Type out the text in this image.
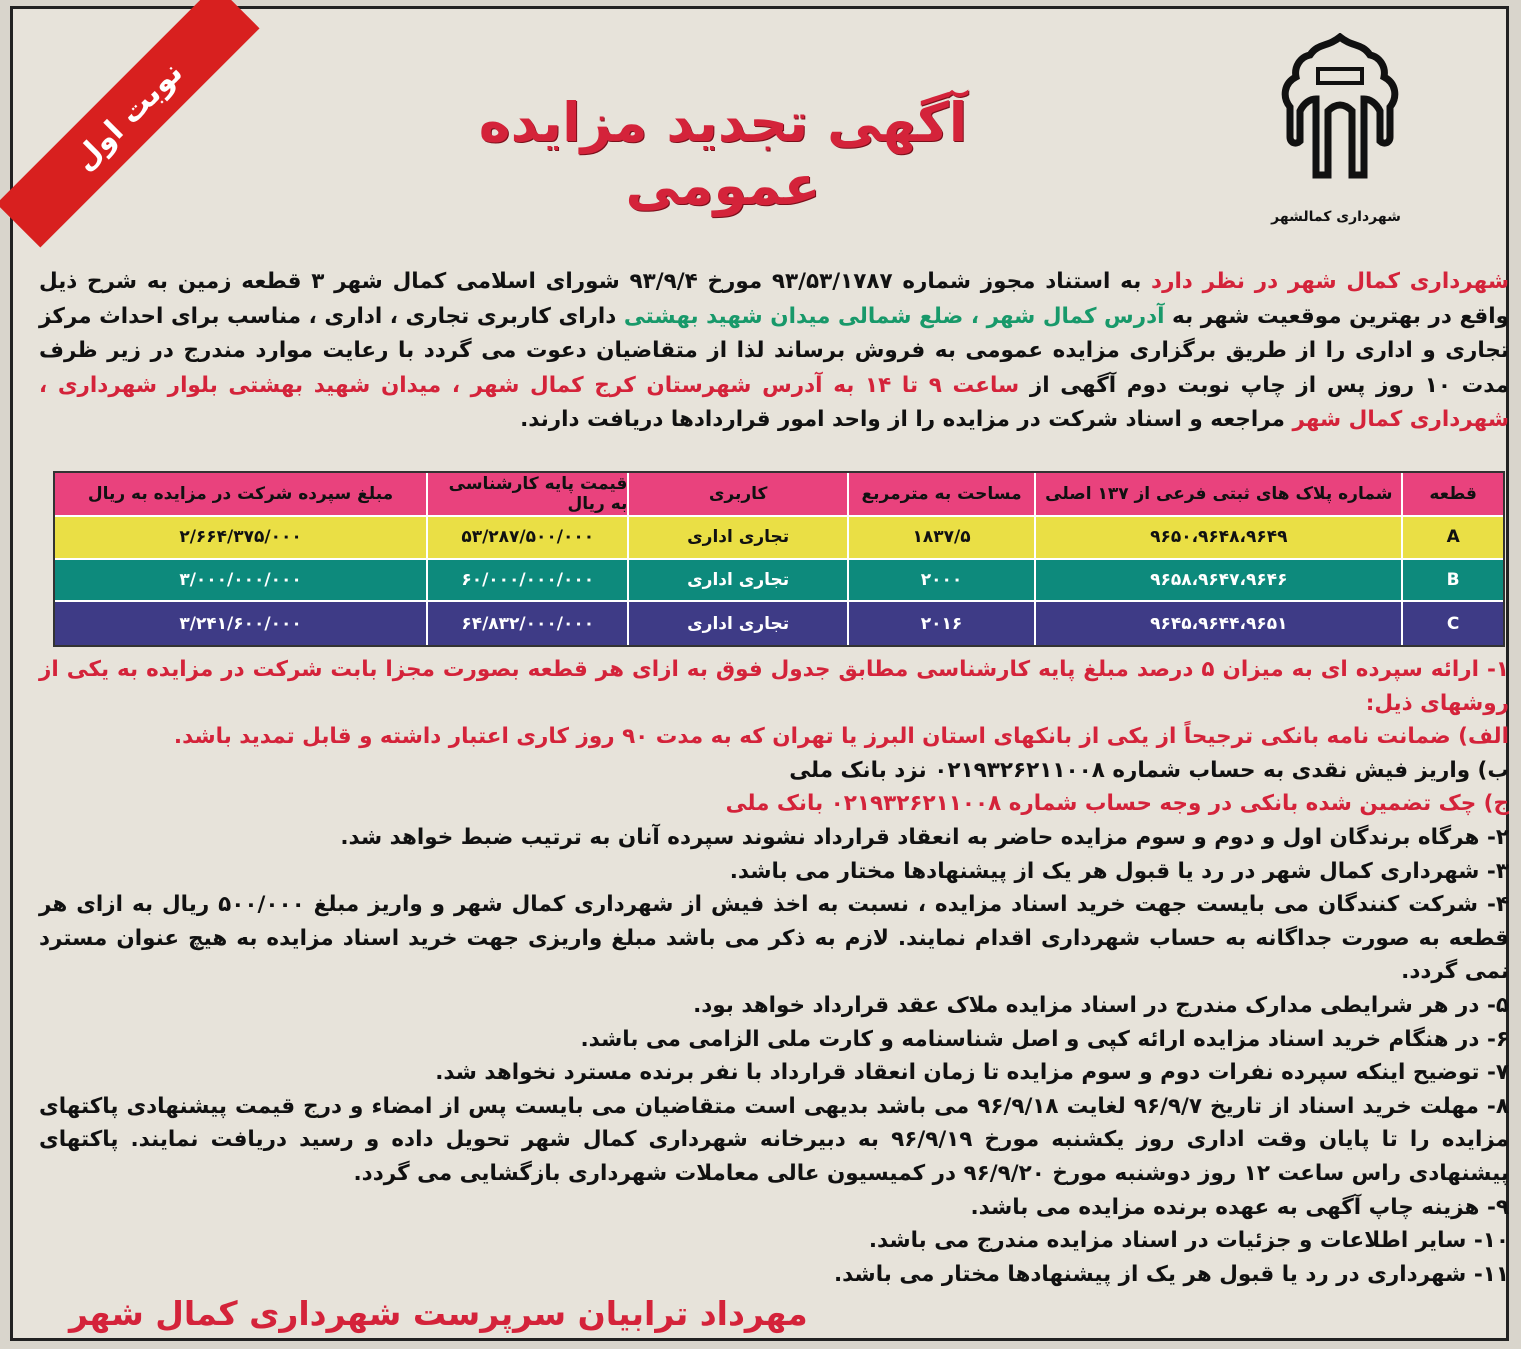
نوبت اول	آگهی تجدید مزایده عمومی	شهرداری کمالشهر
شهرداری کمال شهر در نظر دارد به استناد مجوز شماره ۹۳/۵۳/۱۷۸۷ مورخ ۹۳/۹/۴ شورای اسلامی کمال شهر ۳ قطعه زمین به شرح ذیل واقع در بهترین موقعیت شهر به آدرس کمال شهر ، ضلع شمالی میدان شهید بهشتی دارای کاربری تجاری ، اداری ، مناسب برای احداث مرکز تجاری و اداری را از طریق برگزاری مزایده عمومی به فروش برساند لذا از متقاضیان دعوت می گردد با رعایت موارد مندرج در زیر ظرف مدت ۱۰ روز پس از چاپ نوبت دوم آگهی از ساعت ۹ تا ۱۴ به آدرس شهرستان کرج کمال شهر ، میدان شهید بهشتی بلوار شهرداری ، شهرداری کمال شهر مراجعه و اسناد شرکت در مزایده را از واحد امور قراردادها دریافت دارند.
قطعه
شماره پلاک های ثبتی فرعی از ۱۳۷ اصلی
مساحت به مترمربع
کاربری
قیمت پایه کارشناسی به ریال
مبلغ سپرده شرکت در مزایده به ریال
A
۹۶۵۰،۹۶۴۸،۹۶۴۹
۱۸۳۷/۵
تجاری اداری
۵۳/۲۸۷/۵۰۰/۰۰۰
۲/۶۶۴/۳۷۵/۰۰۰
B
۹۶۵۸،۹۶۴۷،۹۶۴۶
۲۰۰۰
تجاری اداری
۶۰/۰۰۰/۰۰۰/۰۰۰
۳/۰۰۰/۰۰۰/۰۰۰
C
۹۶۴۵،۹۶۴۴،۹۶۵۱
۲۰۱۶
تجاری اداری
۶۴/۸۳۲/۰۰۰/۰۰۰
۳/۲۴۱/۶۰۰/۰۰۰

۱- ارائه سپرده ای به میزان ۵ درصد مبلغ پایه کارشناسی مطابق جدول فوق به ازای هر قطعه بصورت مجزا بابت شرکت در مزایده به یکی از روشهای ذیل:

الف) ضمانت نامه بانکی ترجیحاً از یکی از بانکهای استان البرز یا تهران که به مدت ۹۰ روز کاری اعتبار داشته و قابل تمدید باشد.

ب) واریز فیش نقدی به حساب شماره ۰۲۱۹۳۲۶۲۱۱۰۰۸ نزد بانک ملی

ج) چک تضمین شده بانکی در وجه حساب شماره ۰۲۱۹۳۲۶۲۱۱۰۰۸ بانک ملی

۲- هرگاه برندگان اول و دوم و سوم مزایده حاضر به انعقاد قرارداد نشوند سپرده آنان به ترتیب ضبط خواهد شد.

۳- شهرداری کمال شهر در رد یا قبول هر یک از پیشنهادها مختار می باشد.

۴- شرکت کنندگان می بایست جهت خرید اسناد مزایده ، نسبت به اخذ فیش از شهرداری کمال شهر و واریز مبلغ ۵۰۰/۰۰۰ ریال به ازای هر قطعه به صورت جداگانه به حساب شهرداری اقدام نمایند. لازم به ذکر می باشد مبلغ واریزی جهت خرید اسناد مزایده به هیچ عنوان مسترد نمی گردد.

۵- در هر شرایطی مدارک مندرج در اسناد مزایده ملاک عقد قرارداد خواهد بود.

۶- در هنگام خرید اسناد مزایده ارائه کپی و اصل شناسنامه و کارت ملی الزامی می باشد.

۷- توضیح اینکه سپرده نفرات دوم و سوم مزایده تا زمان انعقاد قرارداد با نفر برنده مسترد نخواهد شد.

۸- مهلت خرید اسناد از تاریخ ۹۶/۹/۷ لغایت ۹۶/۹/۱۸ می باشد بدیهی است متقاضیان می بایست پس از امضاء و درج قیمت پیشنهادی پاکتهای مزایده را تا پایان وقت اداری روز یکشنبه مورخ ۹۶/۹/۱۹ به دبیرخانه شهرداری کمال شهر تحویل داده و رسید دریافت نمایند. پاکتهای پیشنهادی راس ساعت ۱۲ روز دوشنبه مورخ ۹۶/۹/۲۰ در کمیسیون عالی معاملات شهرداری بازگشایی می گردد.

۹- هزینه چاپ آگهی به عهده برنده مزایده می باشد.

۱۰- سایر اطلاعات و جزئیات در اسناد مزایده مندرج می باشد.

۱۱- شهرداری در رد یا قبول هر یک از پیشنهادها مختار می باشد.

مهرداد ترابیان سرپرست شهرداری کمال شهر
